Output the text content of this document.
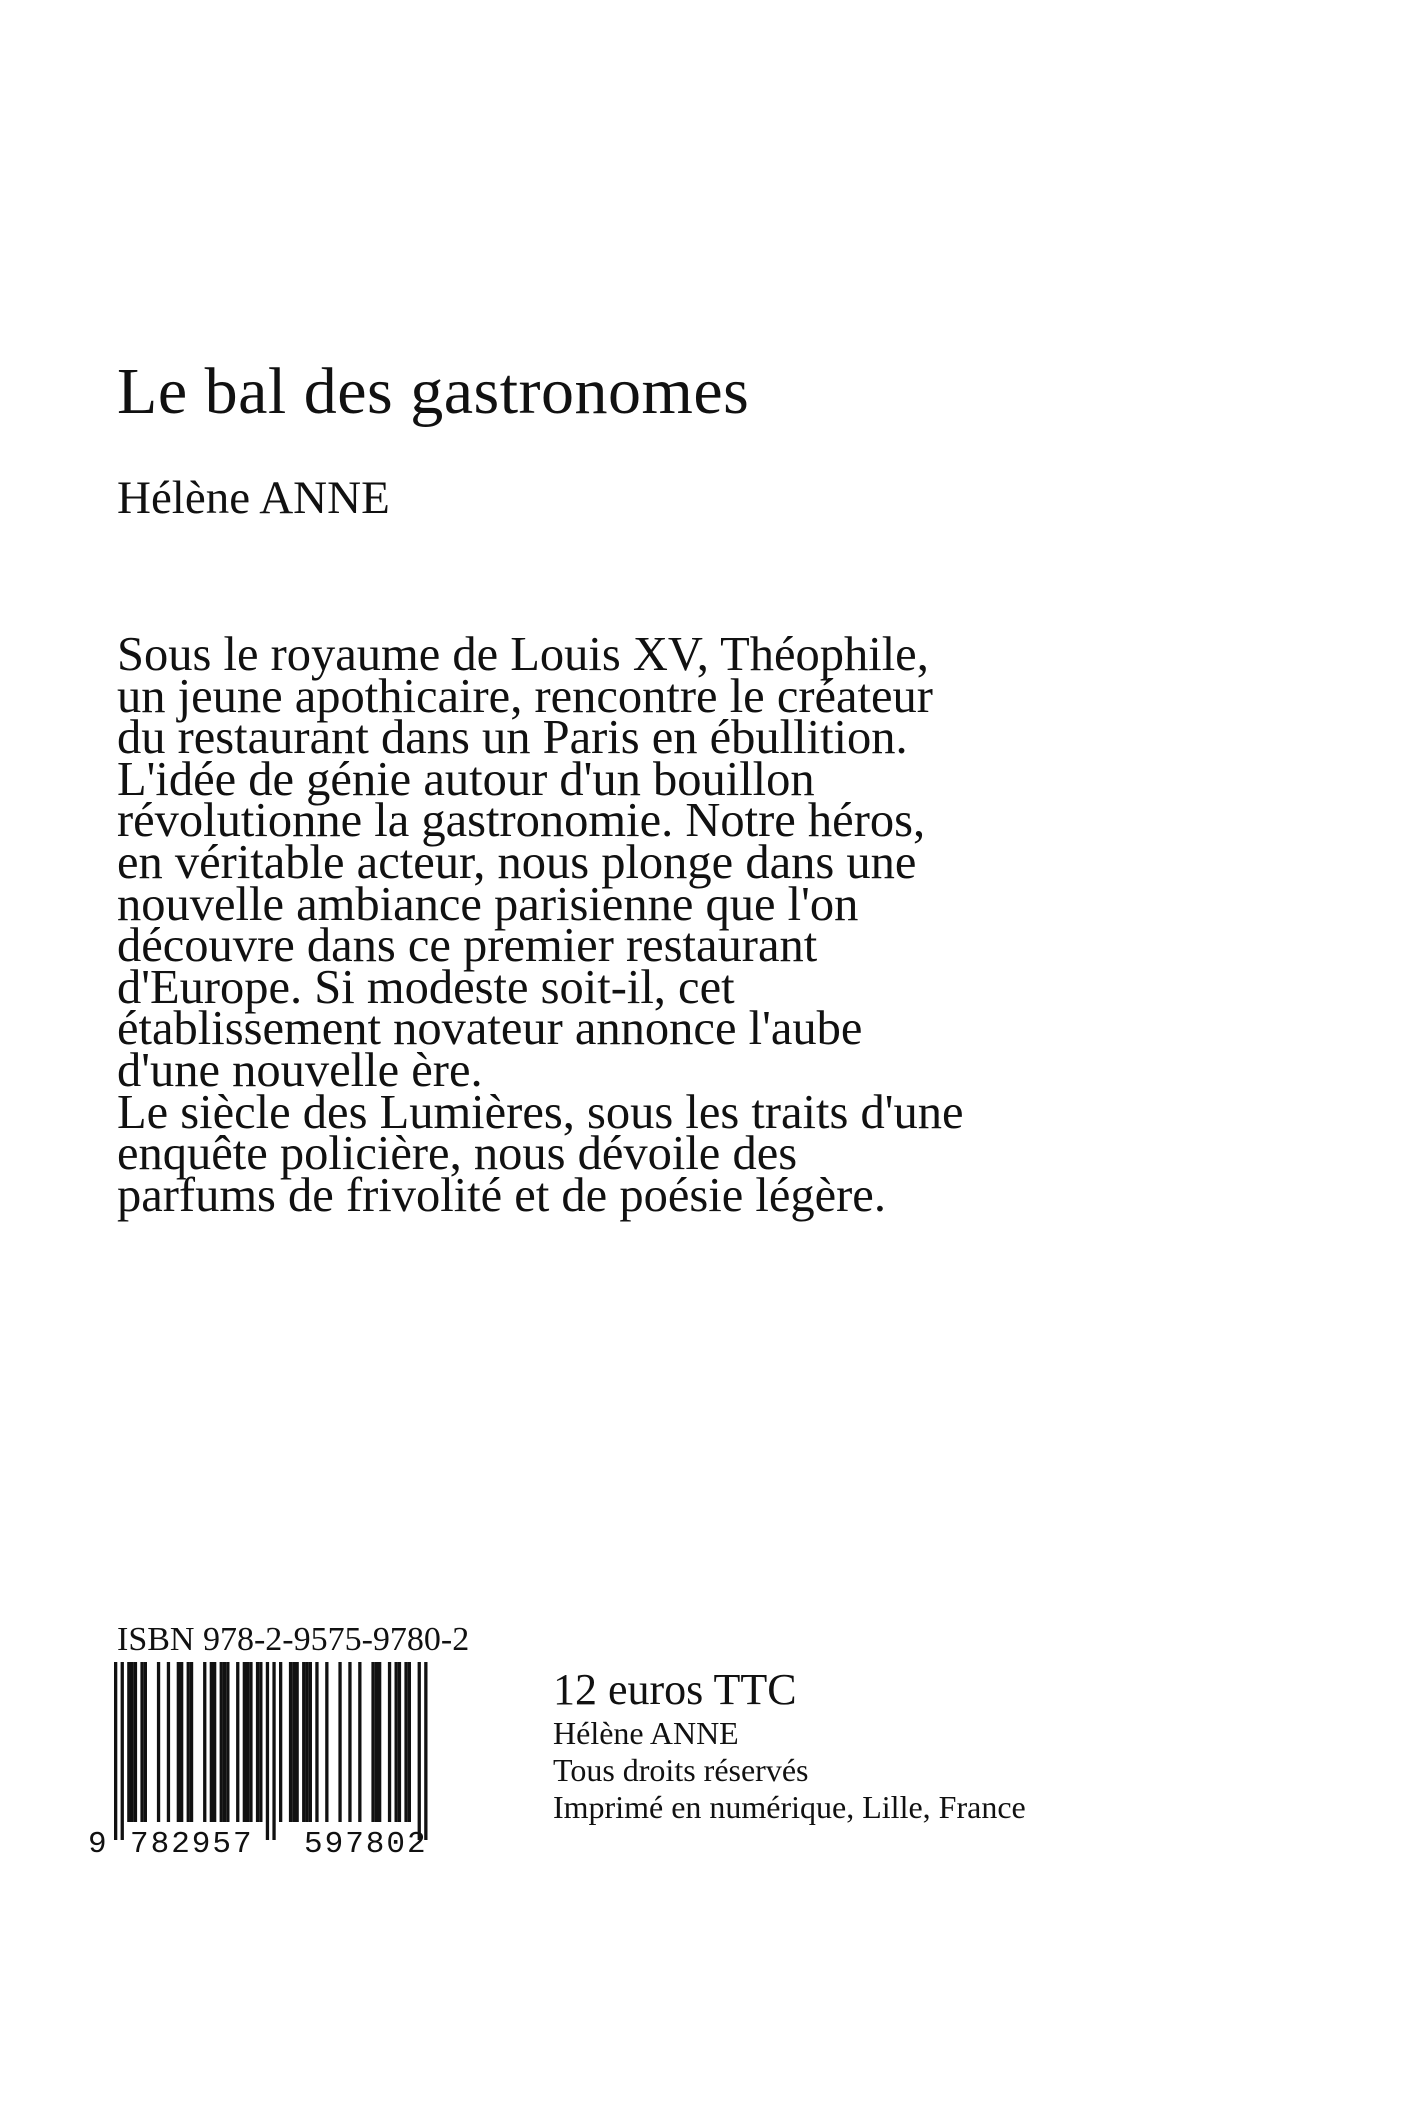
Le bal des gastronomes
Hélène ANNE
Sous le royaume de Louis XV, Théophile,
un jeune apothicaire, rencontre le créateur
du restaurant dans un Paris en ébullition.
L'idée de génie autour d'un bouillon
révolutionne la gastronomie. Notre héros,
en véritable acteur, nous plonge dans une
nouvelle ambiance parisienne que l'on
découvre dans ce premier restaurant
d'Europe. Si modeste soit-il, cet
établissement novateur annonce l'aube
d'une nouvelle ère.
Le siècle des Lumières, sous les traits d'une
enquête policière, nous dévoile des
parfums de frivolité et de poésie légère.
ISBN 978-2-9575-9780-2
9 782957 597802
12 euros TTC
Hélène ANNE
Tous droits réservés
Imprimé en numérique, Lille, France
